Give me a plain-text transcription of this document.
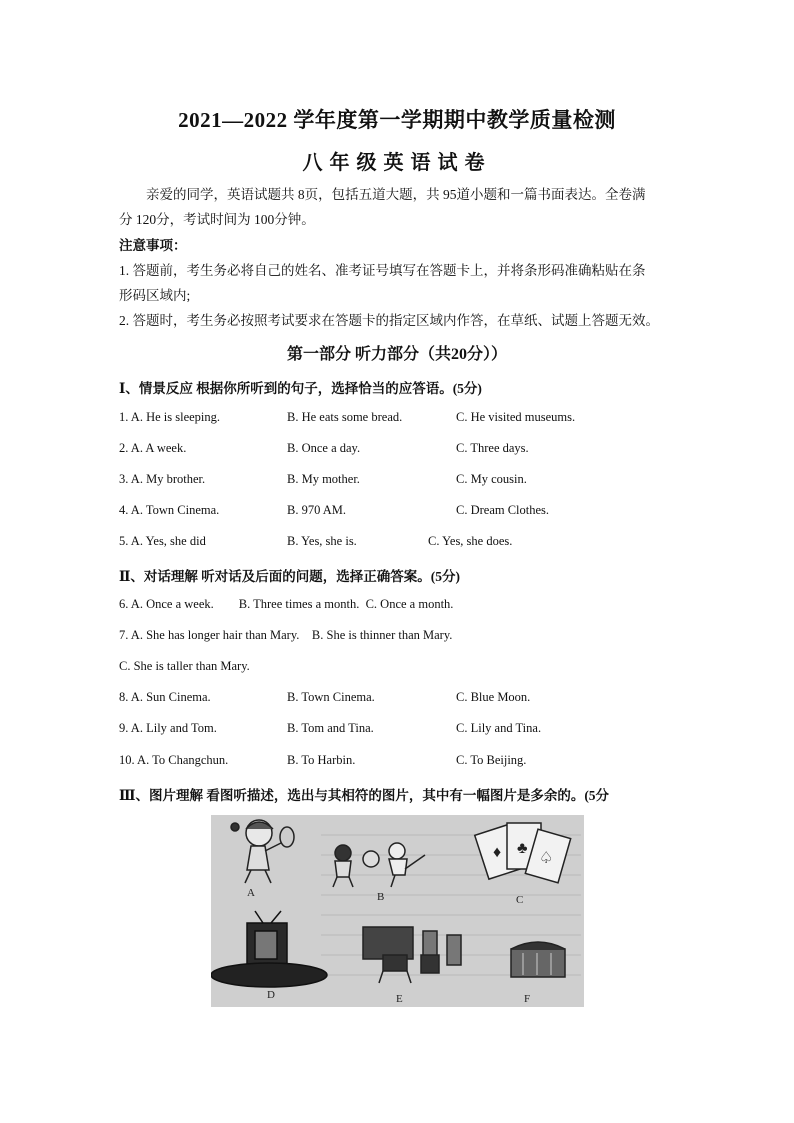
2021—2022 学年度第一学期期中教学质量检测
八年级英语试卷
亲爱的同学，英语试题共 8页，包括五道大题，共 95道小题和一篇书面表达。全卷满
分 120分，考试时间为 100分钟。
注意事项：
1. 答题前，考生务必将自己的姓名、准考证号填写在答题卡上，并将条形码准确粘贴在条
形码区域内;
2. 答题时，考生务必按照考试要求在答题卡的指定区域内作答，在草纸、试题上答题无效。
第一部分 听力部分（共20分））
Ⅰ、情景反应 根据你所听到的句子，选择恰当的应答语。(5分)
1. A. He is sleeping.	B. He eats some bread.	C. He visited museums.
2. A. A week.	B. Once a day.	C. Three days.
3. A. My brother.	B. My mother.	C. My cousin.
4. A. Town Cinema.	B. 970 AM.	C. Dream Clothes.
5. A. Yes, she did	B. Yes, she is.	C. Yes, she does.
Ⅱ、对话理解 听对话及后面的问题，选择正确答案。(5分)
6. A. Once a week.        B. Three times a month.  C. Once a month.
7. A. She has longer hair than Mary.    B. She is thinner than Mary.
C. She is taller than Mary.
8. A. Sun Cinema.	B. Town Cinema.	C. Blue Moon.
9. A. Lily and Tom.	B. Tom and Tina.	C. Lily and Tina.
10. A. To Changchun.	B. To Harbin.	C. To Beijing.
Ⅲ、图片理解 看图听描述，选出与其相符的图片，其中有一幅图片是多余的。(5分
♦ ♣
♤
A	B	C
D	E	F
